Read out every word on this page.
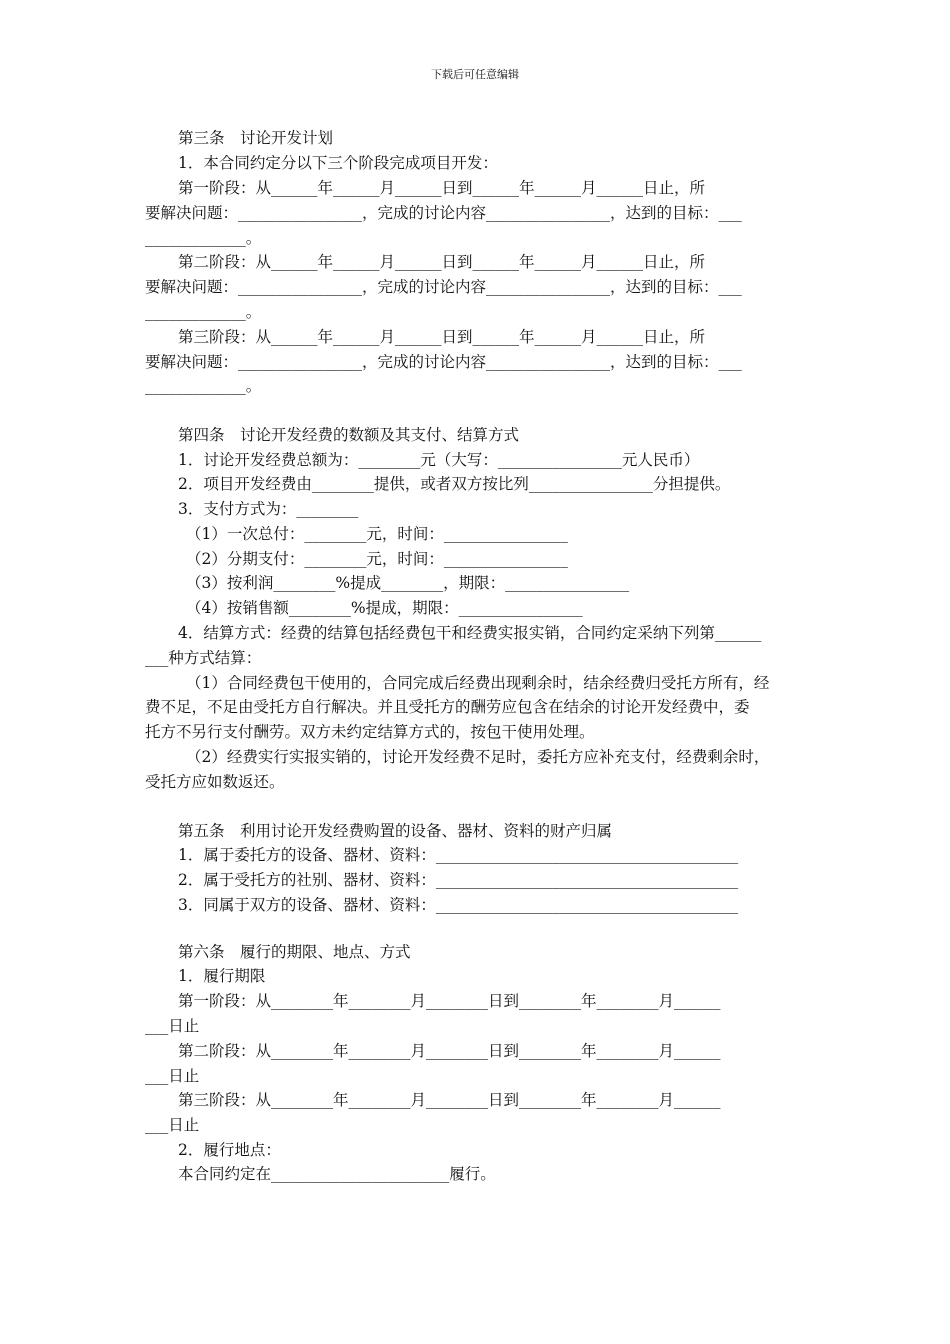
下载后可任意编辑
第三条　讨论开发计划
1．本合同约定分以下三个阶段完成项目开发：
第一阶段：从______年______月______日到______年______月______日止，所
要解决问题：________________，完成的讨论内容________________，达到的目标：___
_____________。
第二阶段：从______年______月______日到______年______月______日止，所
要解决问题：________________，完成的讨论内容________________，达到的目标：___
_____________。
第三阶段：从______年______月______日到______年______月______日止，所
要解决问题：________________，完成的讨论内容________________，达到的目标：___
_____________。
第四条　讨论开发经费的数额及其支付、结算方式
1．讨论开发经费总额为：________元（大写：________________元人民币）
2．项目开发经费由________提供，或者双方按比列________________分担提供。
3．支付方式为：________
（1）一次总付：________元，时间：________________
（2）分期支付：________元，时间：________________
（3）按利润________%提成________，期限：________________
（4）按销售额________%提成，期限：________________
4．结算方式：经费的结算包括经费包干和经费实报实销，合同约定采纳下列第______
___种方式结算：
（1）合同经费包干使用的，合同完成后经费出现剩余时，结余经费归受托方所有，经
费不足，不足由受托方自行解决。并且受托方的酬劳应包含在结余的讨论开发经费中，委
托方不另行支付酬劳。双方未约定结算方式的，按包干使用处理。
（2）经费实行实报实销的，讨论开发经费不足时，委托方应补充支付，经费剩余时，
受托方应如数返还。
第五条　利用讨论开发经费购置的设备、器材、资料的财产归属
1．属于委托方的设备、器材、资料：_______________________________________
2．属于受托方的社别、器材、资料：_______________________________________
3．同属于双方的设备、器材、资料：_______________________________________
第六条　履行的期限、地点、方式
1．履行期限
第一阶段：从________年________月________日到________年________月______
___日止
第二阶段：从________年________月________日到________年________月______
___日止
第三阶段：从________年________月________日到________年________月______
___日止
2．履行地点：
本合同约定在_______________________履行。
